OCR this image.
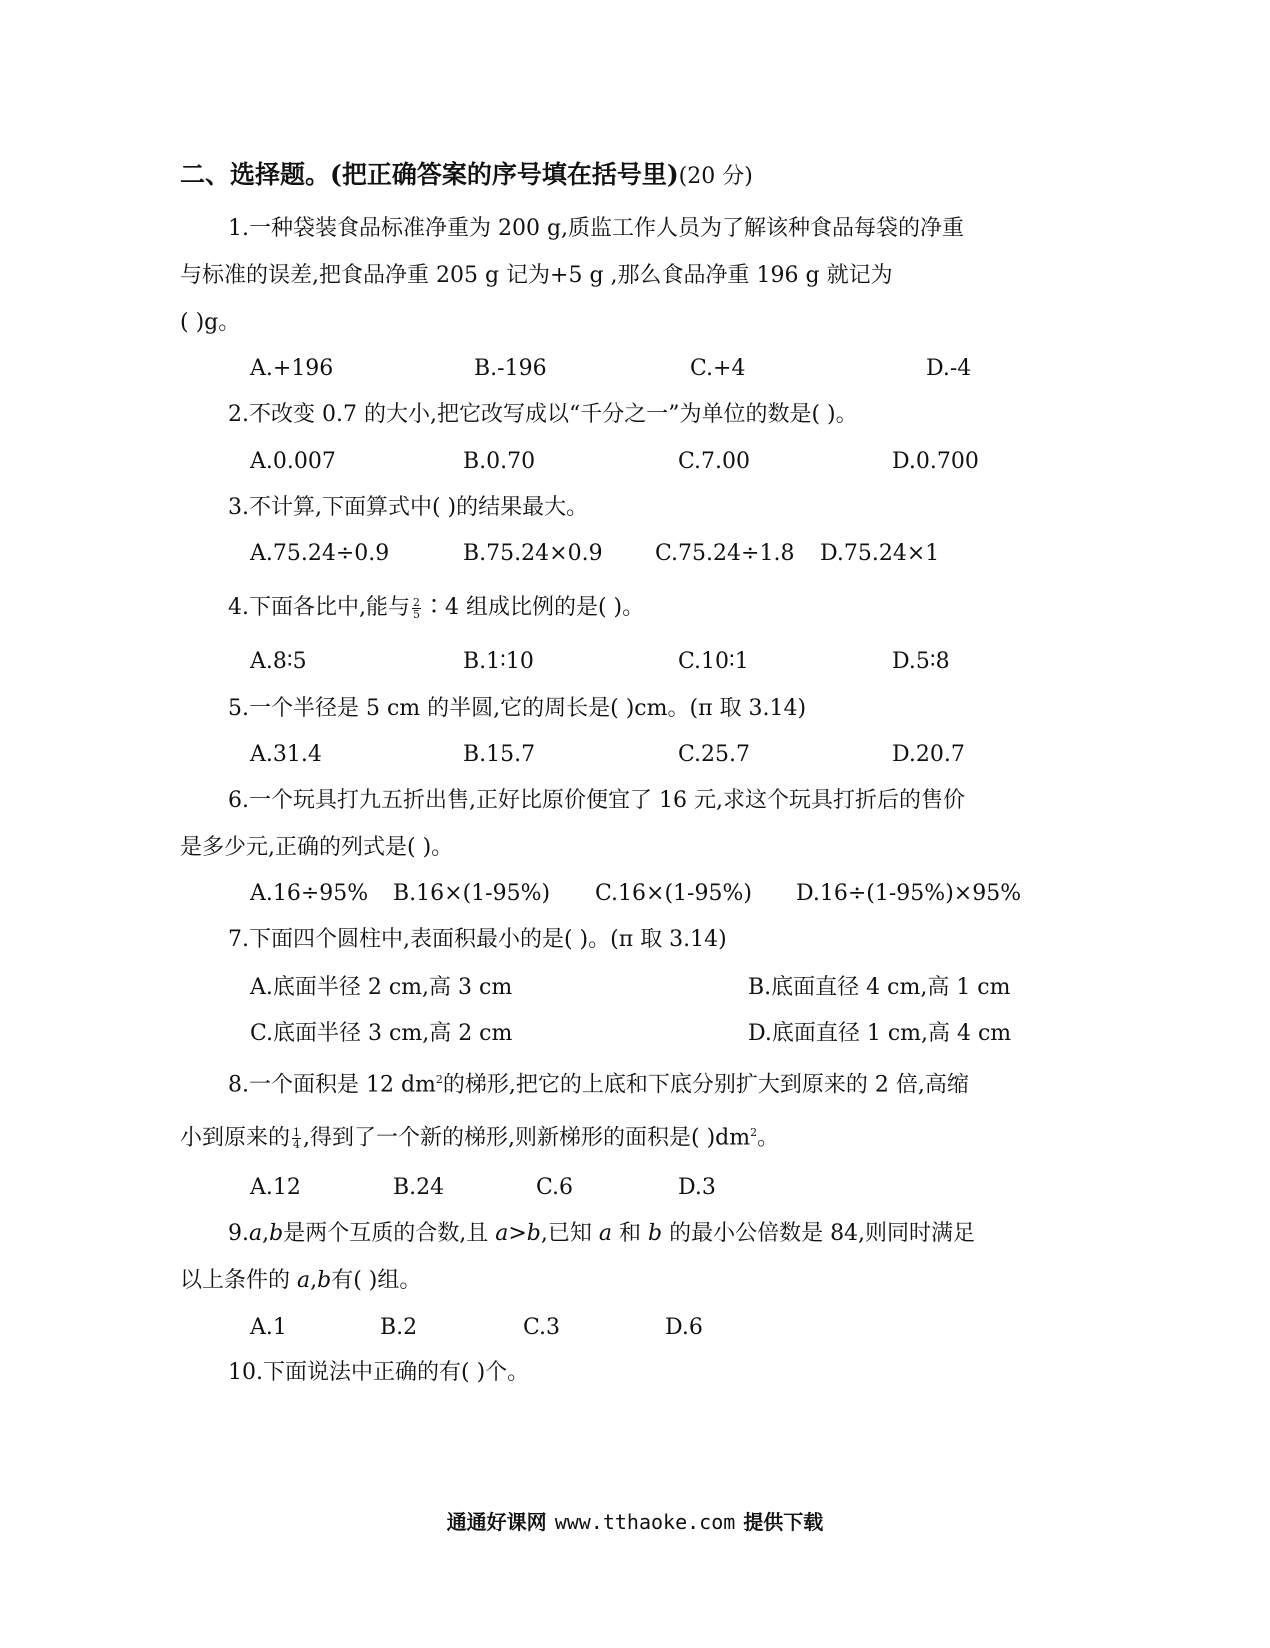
二、选择题。(把正确答案的序号填在括号里)(20 分)
1.一种袋装食品标准净重为 200 g,质监工作人员为了解该种食品每袋的净重
与标准的误差,把食品净重 205 g 记为+5 g ,那么食品净重 196 g 就记为
( )g。
A.+196	B.-196	C.+4	D.-4
2.不改变 0.7 的大小,把它改写成以“千分之一”为单位的数是( )。
A.0.007	B.0.70	C.7.00	D.0.700
3.不计算,下面算式中( )的结果最大。
A.75.24÷0.9	B.75.24×0.9 C.75.24÷1.8 D.75.24×1
4.下面各比中,能与 $\frac{2}{5}$ ∶4 组成比例的是( )。
A.8∶5	B.1∶10	C.10∶1	D.5∶8
5.一个半径是 5 cm 的半圆,它的周长是( )cm。(π 取 3.14)
A.31.4	B.15.7	C.25.7	D.20.7
6.一个玩具打九五折出售,正好比原价便宜了 16 元,求这个玩具打折后的售价
是多少元,正确的列式是( )。
A.16÷95% B.16×(1-95%) C.16×(1-95%) D.16÷(1-95%)×95%
7.下面四个圆柱中,表面积最小的是( )。(π 取 3.14)
A.底面半径 2 cm,高 3 cm	B.底面直径 4 cm,高 1 cm
C.底面半径 3 cm,高 2 cm	D.底面直径 1 cm,高 4 cm
8.一个面积是 12 $dm^2$的梯形,把它的上底和下底分别扩大到原来的 2 倍,高缩
小到原来的 $\frac{1}{4}$ ,得到了一个新的梯形,则新梯形的面积是( )$dm^2$。
A.12	B.24	C.6	D.3
9.a,b是两个互质的合数,且 a>b,已知 a 和 b 的最小公倍数是 84,则同时满足
以上条件的 a,b有( )组。
A.1	B.2	C.3	D.6
10.下面说法中正确的有( )个。
通通好课网 www.tthaoke.com 提供下载
